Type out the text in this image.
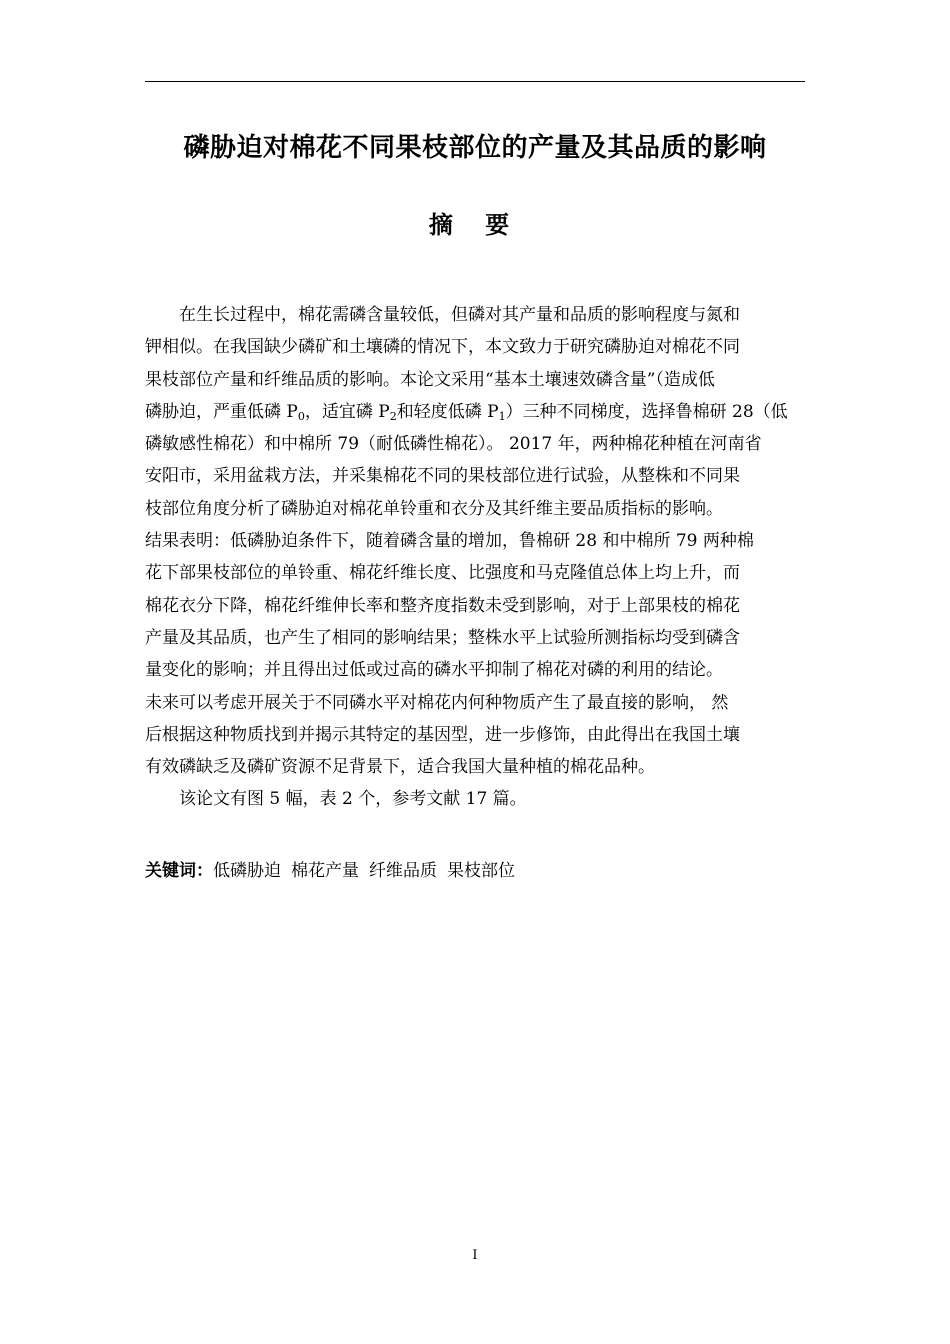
磷胁迫对棉花不同果枝部位的产量及其品质的影响
摘 要

在生长过程中，棉花需磷含量较低，但磷对其产量和品质的影响程度与氮和
钾相似。在我国缺少磷矿和土壤磷的情况下，本文致力于研究磷胁迫对棉花不同
果枝部位产量和纤维品质的影响。本论文采用“基本土壤速效磷含量”（造成低
磷胁迫，严重低磷 $P_0$，适宜磷 $P_2$和轻度低磷 $P_1$）三种不同梯度，选择鲁棉研 28（低
磷敏感性棉花）和中棉所 79（耐低磷性棉花）。 2017 年，两种棉花种植在河南省
安阳市，采用盆栽方法，并采集棉花不同的果枝部位进行试验，从整株和不同果
枝部位角度分析了磷胁迫对棉花单铃重和衣分及其纤维主要品质指标的影响。
结果表明：低磷胁迫条件下，随着磷含量的增加，鲁棉研 28 和中棉所 79 两种棉
花下部果枝部位的单铃重、棉花纤维长度、比强度和马克隆值总体上均上升，而
棉花衣分下降，棉花纤维伸长率和整齐度指数未受到影响，对于上部果枝的棉花
产量及其品质，也产生了相同的影响结果；整株水平上试验所测指标均受到磷含
量变化的影响；并且得出过低或过高的磷水平抑制了棉花对磷的利用的结论。
未来可以考虑开展关于不同磷水平对棉花内何种物质产生了最直接的影响， 然
后根据这种物质找到并揭示其特定的基因型，进一步修饰，由此得出在我国土壤
有效磷缺乏及磷矿资源不足背景下，适合我国大量种植的棉花品种。

该论文有图 5 幅，表 2 个，参考文献 17 篇。

关键词：低磷胁迫 棉花产量 纤维品质 果枝部位
I
